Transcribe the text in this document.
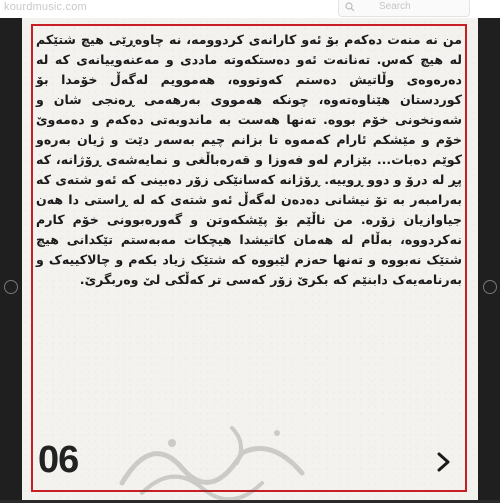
kourdmusic.com	Search
من نە منەت دەکەم بۆ ئەو کارانەی کردوومە، نە چاوەڕێی هیچ شتێکم لە هیچ کەس. تەنانەت ئەو دەستکەوتە ماددی و مەعنەوییانەی کە لە دەرەوەی وڵاتیش دەستم کەوتووە، هەموویم لەگەڵ خۆمدا بۆ کوردستان هێناوەتەوە، چونکە هەمووی بەرهەمی ڕەنجی شان و شەونخونی خۆم بووە. تەنها هەست بە ماندوبەتی دەکەم و دەمەوێ خۆم و مێشکم ئارام کەمەوە تا بزانم چیم بەسەر دێت و ژیان بەرەو کوێم دەبات... بێزارم لەو فەوزا و قەرەباڵغی و نمایەشەی ڕۆژانە، کە پڕ لە درۆ و دوو ڕوییە. ڕۆژانە کەسانێکی زۆر دەبینی کە ئەو شتەی کە بەرامبەر بە تۆ نیشانی دەدەن لەگەڵ ئەو شتەی کە لە ڕاستی دا هەن جیاوازیان زۆرە. من ناڵێم بۆ پێشکەوتن و گەورەبوونی خۆم کارم نەکردووە، بەڵام لە هەمان کاتیشدا هیچکات مەبەستم تێکدانی هیچ شتێک نەبووە و تەنها حەزم لێبووە کە شتێک زیاد بکەم و چالاکییەک و بەرنامەیەک دابنێم کە بکرێ زۆر کەسی تر کەڵکی لێ وەربگرێ.
06
